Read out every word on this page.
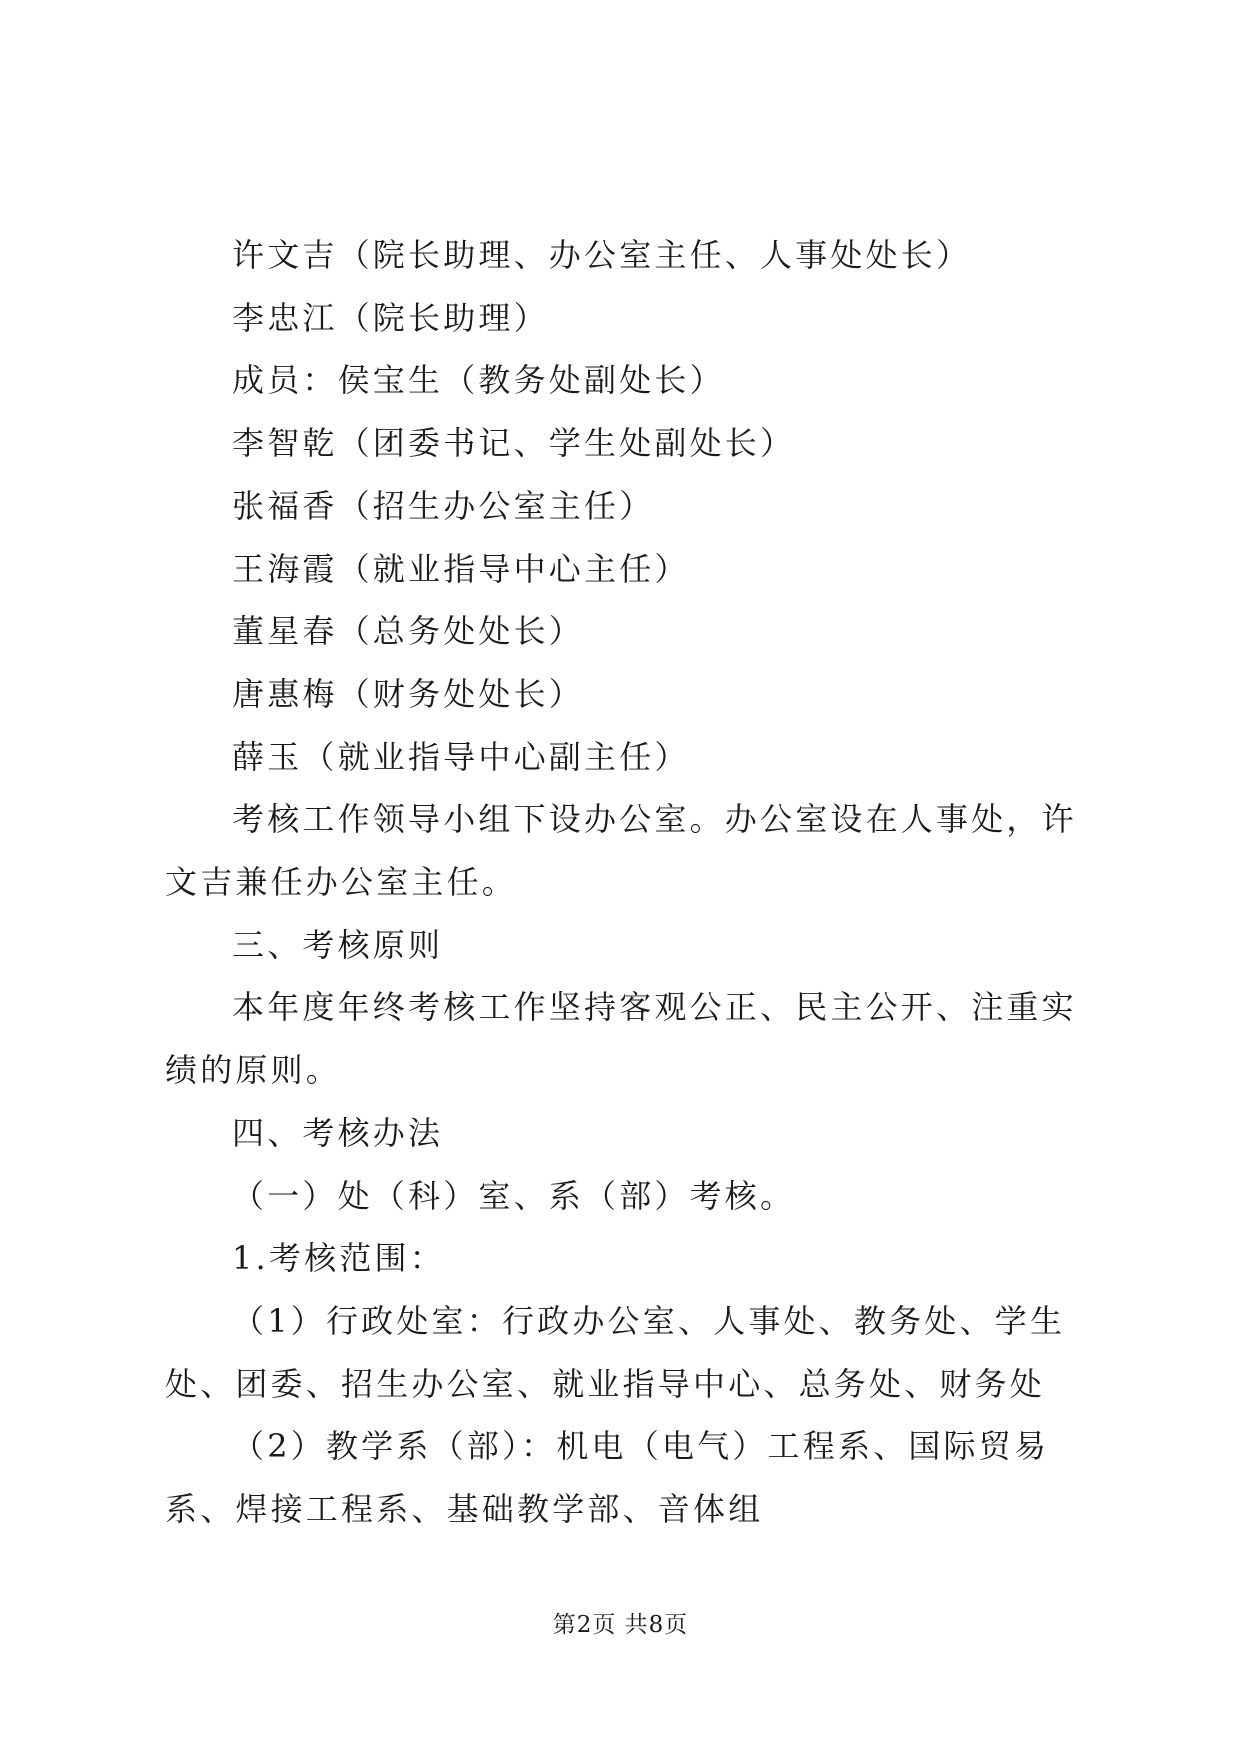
许文吉（院长助理、办公室主任、人事处处长）

李忠江（院长助理）

成员：侯宝生（教务处副处长）

李智乾（团委书记、学生处副处长）

张福香（招生办公室主任）

王海霞（就业指导中心主任）

董星春（总务处处长）

唐惠梅（财务处处长）

薛玉（就业指导中心副主任）

考核工作领导小组下设办公室。办公室设在人事处，许文吉兼任办公室主任。

三、考核原则

本年度年终考核工作坚持客观公正、民主公开、注重实绩的原则。

四、考核办法

（一）处（科）室、系（部）考核。

1.考核范围：

（1）行政处室：行政办公室、人事处、教务处、学生处、团委、招生办公室、就业指导中心、总务处、财务处

（2）教学系（部）：机电（电气）工程系、国际贸易系、焊接工程系、基础教学部、音体组

第2页 共8页
